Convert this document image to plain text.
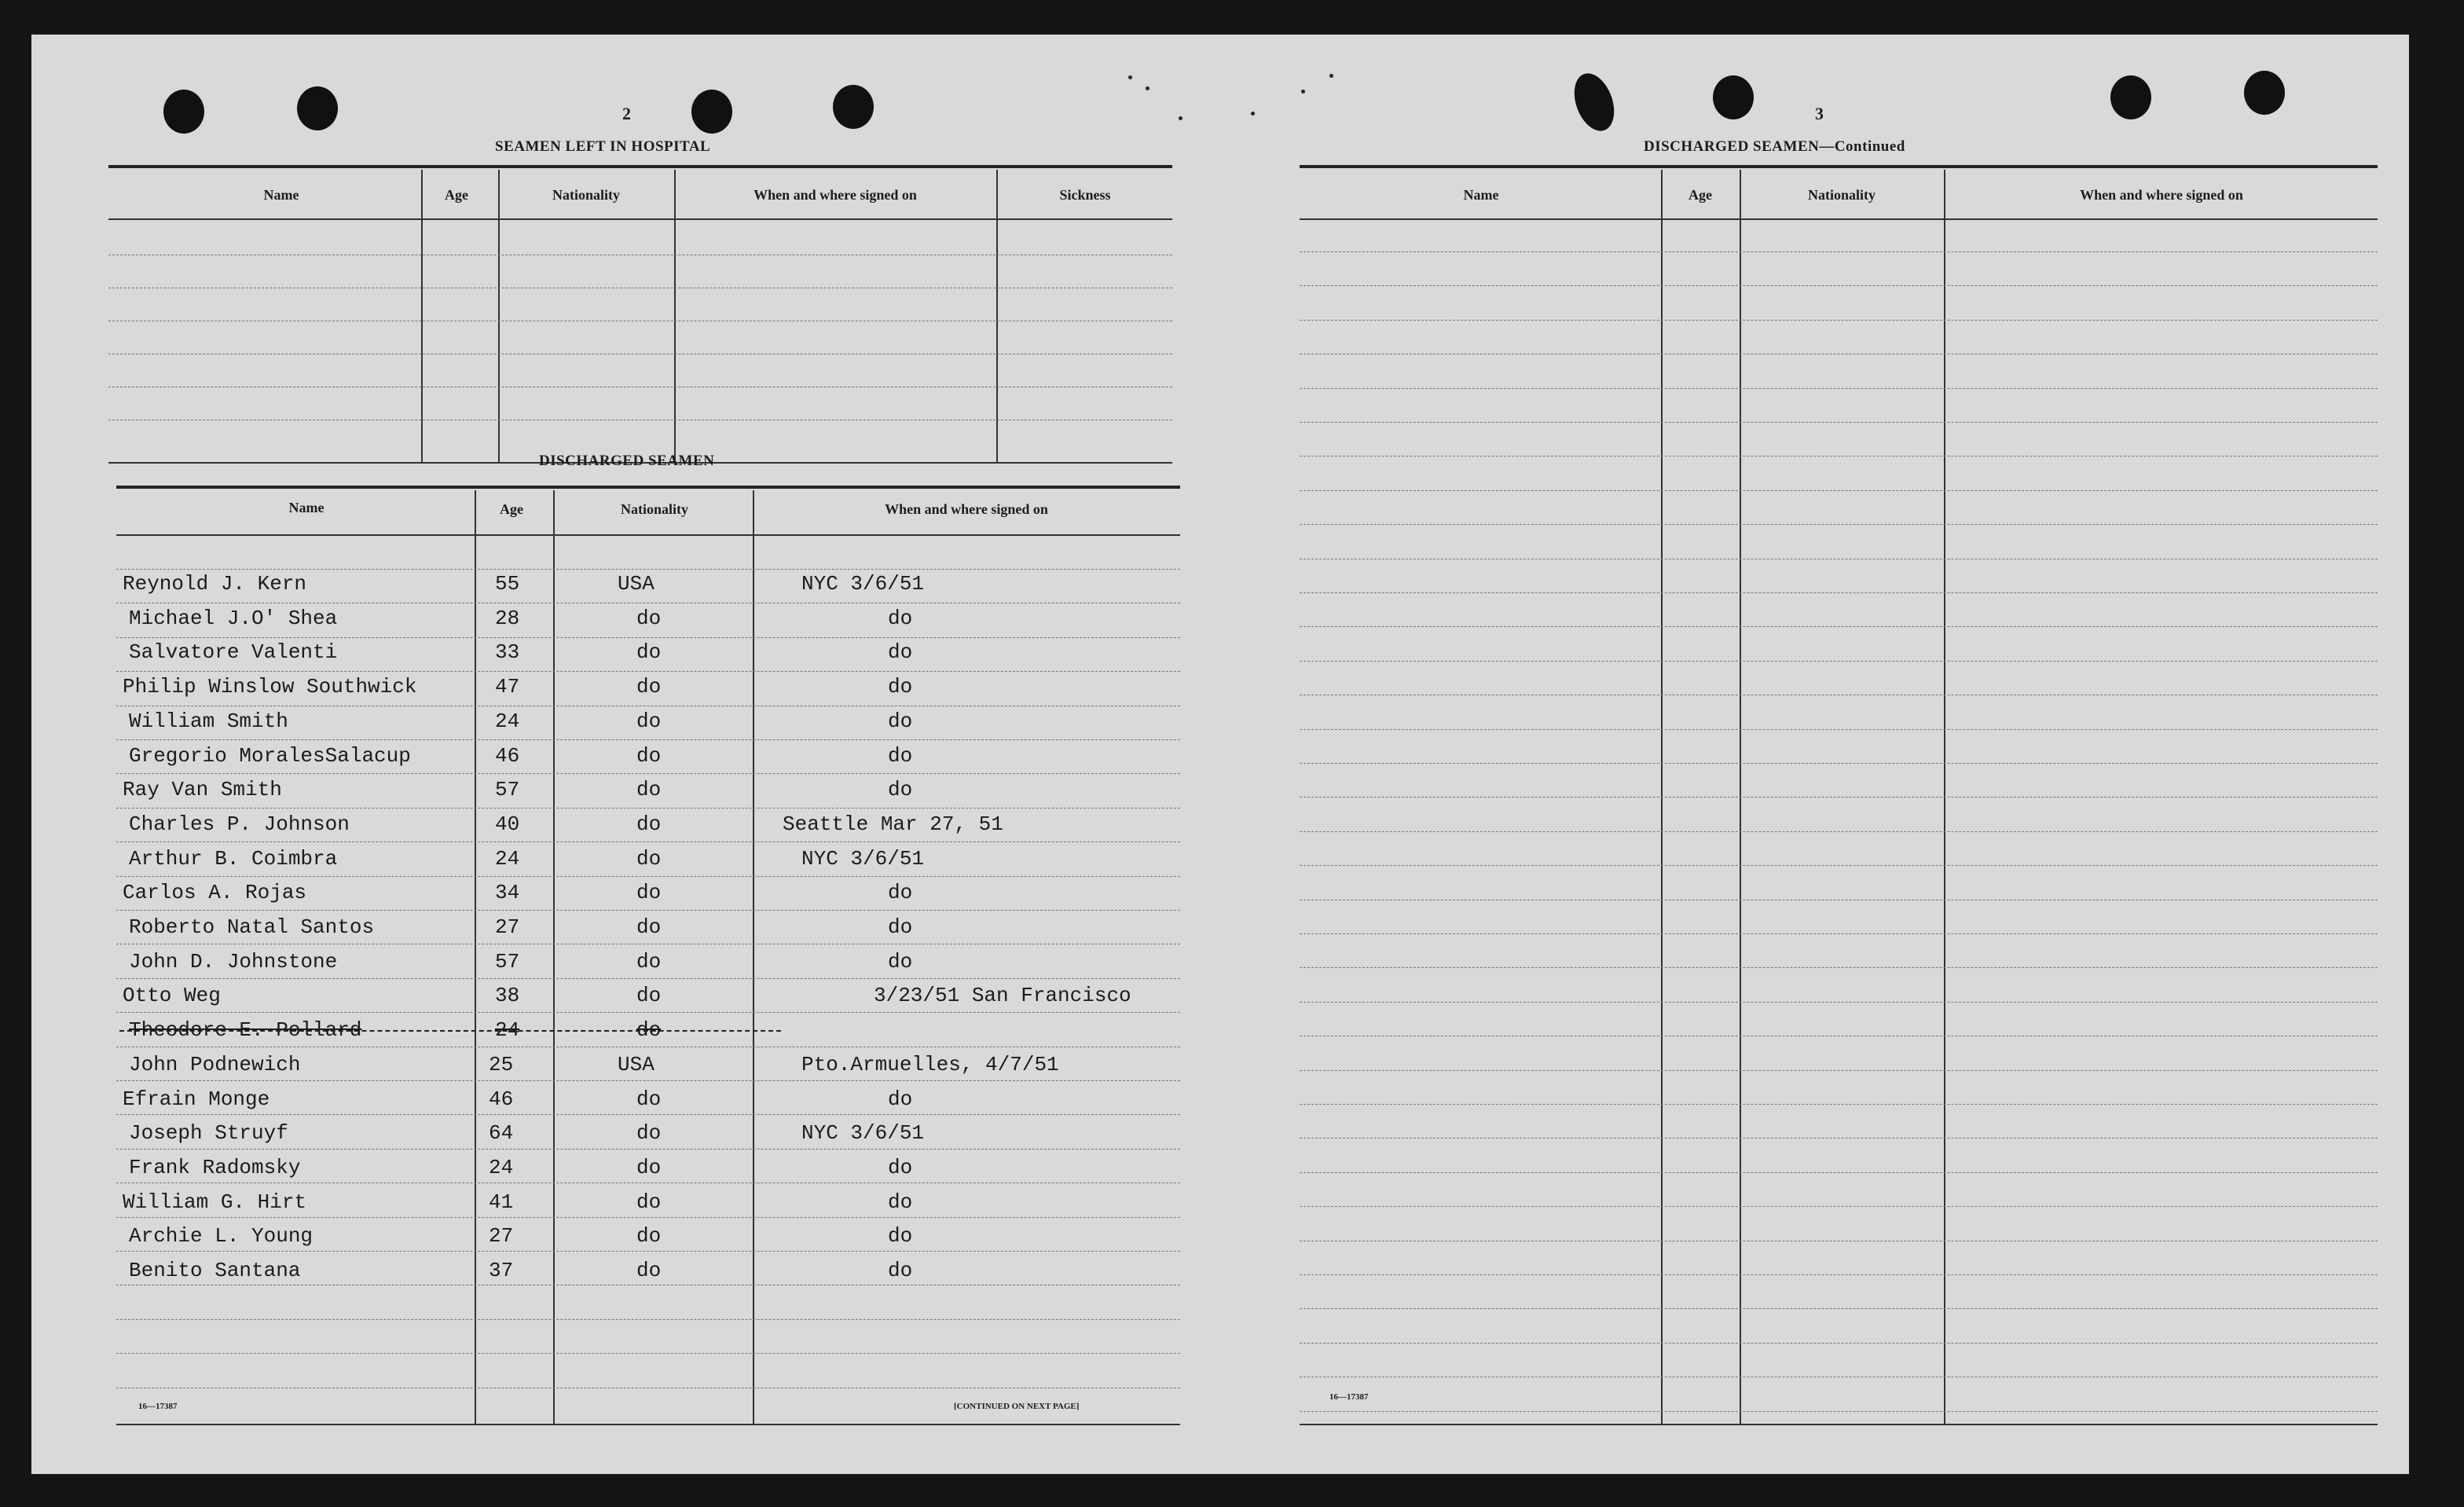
2
SEAMEN LEFT IN HOSPITAL
Name	Age	Nationality	When and where signed on	Sickness
DISCHARGED SEAMEN
Name	Age	Nationality	When and where signed on
16—17387	[CONTINUED ON NEXT PAGE]
Reynold J. Kern	55	USA	NYC 3/6/51
Michael J.O' Shea	28	do	do
Salvatore Valenti	33	do	do
Philip Winslow Southwick	47	do	do
William Smith	24	do	do
Gregorio MoralesSalacup	46	do	do
Ray Van Smith	57	do	do
Charles P. Johnson	40	do	Seattle Mar 27, 51
Arthur B. Coimbra	24	do	NYC 3/6/51
Carlos A. Rojas	34	do	do
Roberto Natal Santos	27	do	do
John D. Johnstone	57	do	do
Otto Weg	38	do	3/23/51 San Francisco
Theodore E. Pollard	24	do
John Podnewich	25	USA	Pto.Armuelles, 4/7/51
Efrain Monge	46	do	do
Joseph Struyf	64	do	NYC 3/6/51
Frank Radomsky	24	do	do
William G. Hirt	41	do	do
Archie L. Young	27	do	do
Benito Santana	37	do	do
3
DISCHARGED SEAMEN—Continued
Name	Age	Nationality	When and where signed on
16—17387
